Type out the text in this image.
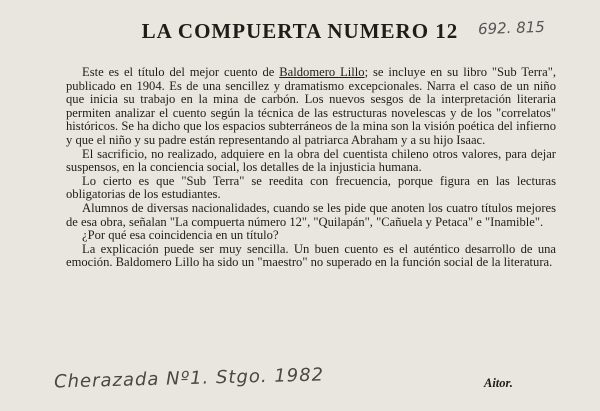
LA COMPUERTA NUMERO 12	692. 815

Este es el título del mejor cuento de Baldomero Lillo; se incluye en su libro "Sub Terra", publicado en 1904. Es de una sencillez y dramatismo excepcionales. Narra el caso de un niño que inicia su trabajo en la mina de carbón. Los nuevos sesgos de la interpretación literaria permiten analizar el cuento según la técnica de las estructuras novelescas y de los "correlatos" históricos. Se ha dicho que los espacios subterráneos de la mina son la visión poética del infierno y que el niño y su padre están representando al patriarca Abraham y a su hijo Isaac.

El sacrificio, no realizado, adquiere en la obra del cuentista chileno otros valores, para dejar suspensos, en la conciencia social, los detalles de la injusticia humana.

Lo cierto es que "Sub Terra" se reedita con frecuencia, porque figura en las lecturas obligatorias de los estudiantes.

Alumnos de diversas nacionalidades, cuando se les pide que anoten los cuatro títulos mejores de esa obra, señalan "La compuerta número 12", "Quilapán", "Cañuela y Petaca" e "Inamible".

¿Por qué esa coincidencia en un título?

La explicación puede ser muy sencilla. Un buen cuento es el auténtico desarrollo de una emoción. Baldomero Lillo ha sido un "maestro" no superado en la función social de la literatura.

Cherazada Nº1. Stgo. 1982	Aitor.
